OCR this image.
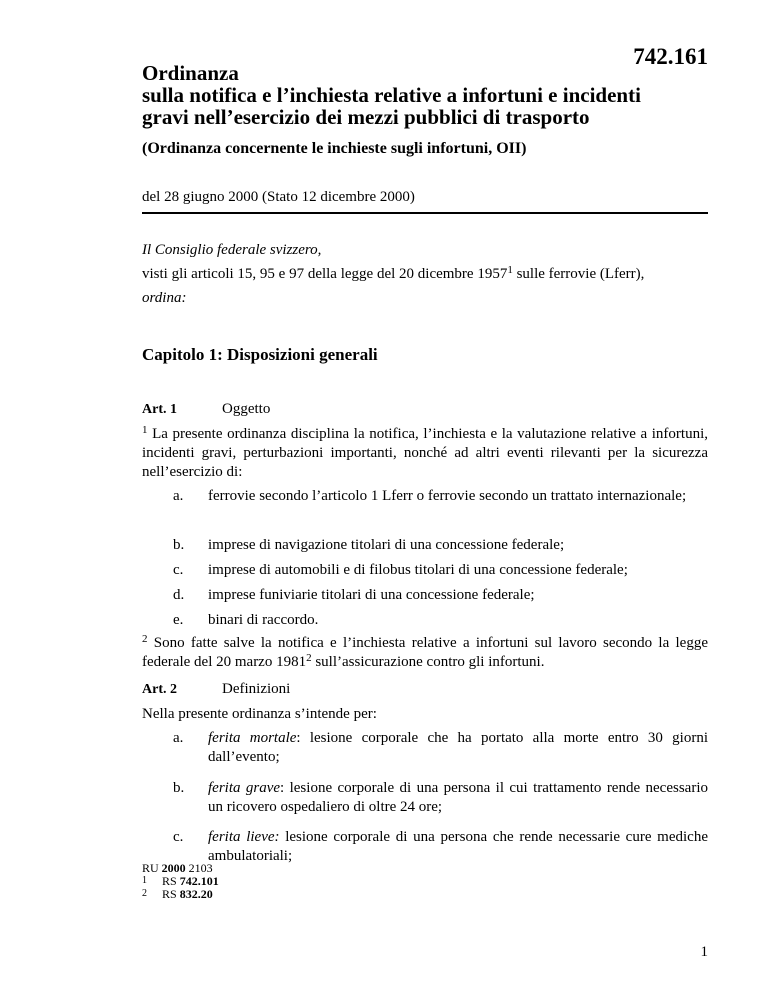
742.161
Ordinanza
sulla notifica e l’inchiesta relative a infortuni e incidenti
gravi nell’esercizio dei mezzi pubblici di trasporto
(Ordinanza concernente le inchieste sugli infortuni, OII)
del 28 giugno 2000 (Stato 12 dicembre 2000)
Il Consiglio federale svizzero,
visti gli articoli 15, 95 e 97 della legge del 20 dicembre 1957$^1$ sulle ferrovie (Lferr),
ordina:
Capitolo 1: Disposizioni generali
Art. 1	Oggetto
$^1$ La presente ordinanza disciplina la notifica, l’inchiesta e la valutazione relative a infortuni, incidenti gravi, perturbazioni importanti, nonché ad altri eventi rilevanti per la sicurezza nell’esercizio di:
a. ferrovie secondo l’articolo 1 Lferr o ferrovie secondo un trattato internazionale;
b. imprese di navigazione titolari di una concessione federale;
c. imprese di automobili e di filobus titolari di una concessione federale;
d. imprese funiviarie titolari di una concessione federale;
e. binari di raccordo.
$^2$ Sono fatte salve la notifica e l’inchiesta relative a infortuni sul lavoro secondo la legge federale del 20 marzo 1981$^2$ sull’assicurazione contro gli infortuni.
Art. 2	Definizioni
Nella presente ordinanza s’intende per:
a. ferita mortale: lesione corporale che ha portato alla morte entro 30 giorni dall’evento;
b. ferita grave: lesione corporale di una persona il cui trattamento rende necessario un ricovero ospedaliero di oltre 24 ore;
c. ferita lieve: lesione corporale di una persona che rende necessarie cure mediche ambulatoriali;
RU 2000 2103
1 RS 742.101
2 RS 832.20
1
